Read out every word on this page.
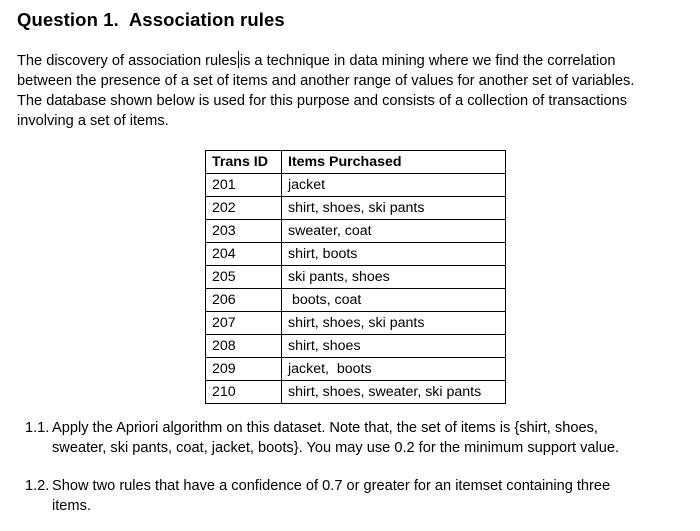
Question 1. Association rules
The discovery of association rules is a technique in data mining where we find the correlation
between the presence of a set of items and another range of values for another set of variables.
The database shown below is used for this purpose and consists of a collection of transactions
involving a set of items.
Trans ID	Items Purchased
201	jacket
202	shirt, shoes, ski pants
203	sweater, coat
204	shirt, boots
205	ski pants, shoes
206	boots, coat
207	shirt, shoes, ski pants
208	shirt, shoes
209	jacket,  boots
210	shirt, shoes, sweater, ski pants
1.1. Apply the Apriori algorithm on this dataset. Note that, the set of items is {shirt, shoes,
sweater, ski pants, coat, jacket, boots}. You may use 0.2 for the minimum support value.
1.2. Show two rules that have a confidence of 0.7 or greater for an itemset containing three
items.
